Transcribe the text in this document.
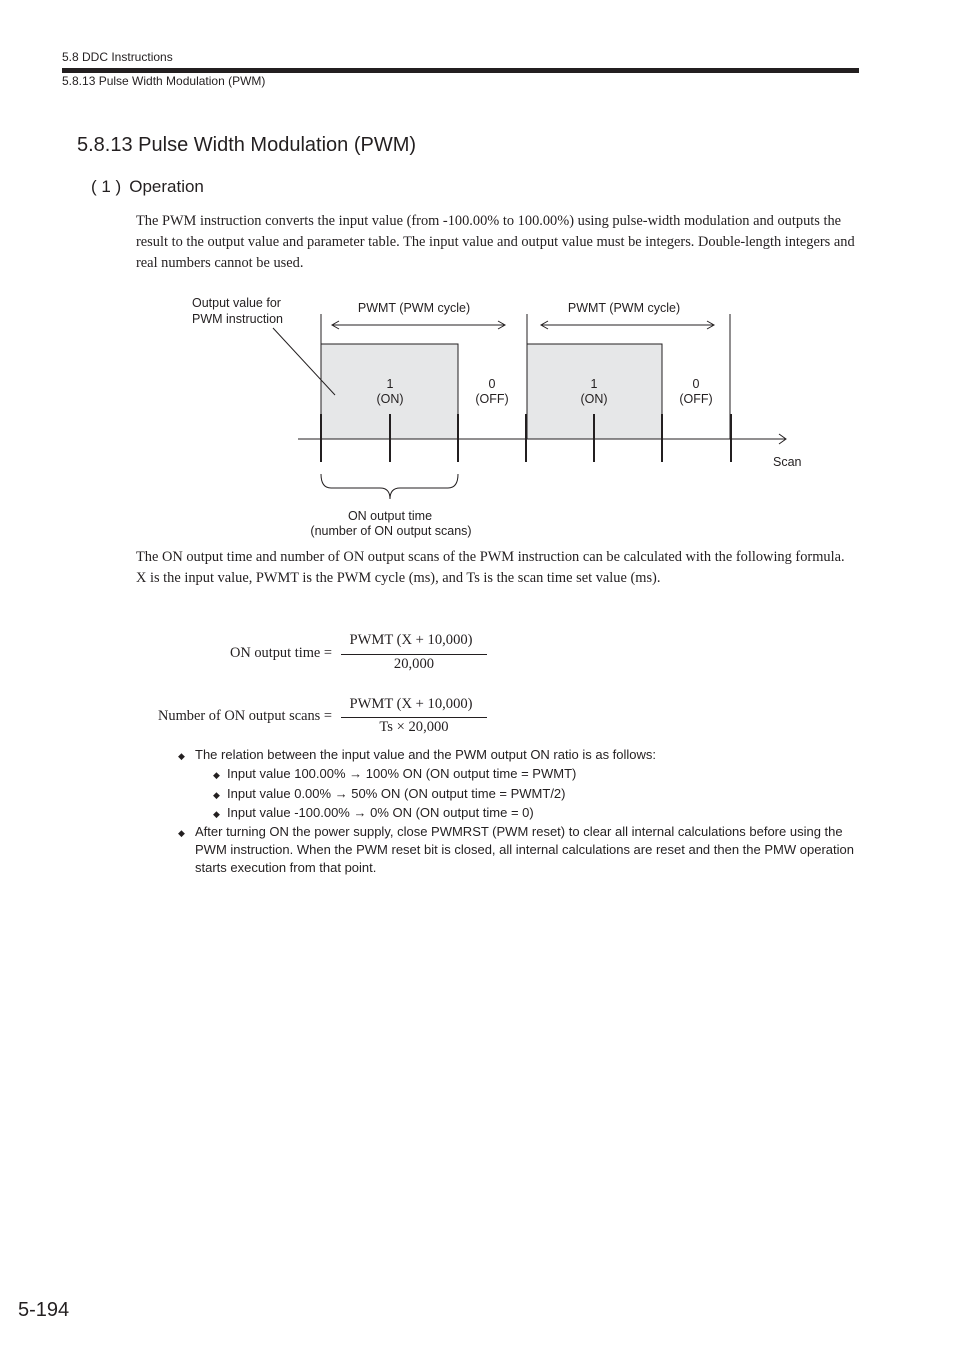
5.8 DDC Instructions
5.8.13 Pulse Width Modulation (PWM)
5.8.13 Pulse Width Modulation (PWM)
( 1 ) Operation
The PWM instruction converts the input value (from -100.00% to 100.00%) using pulse-width modulation and outputs the result to the output value and parameter table. The input value and output value must be integers. Double-length integers and real numbers cannot be used.
Output value for
PWM instruction
PWMT (PWM cycle)	PWMT (PWM cycle)
1
(ON)
0
(OFF)
1
(ON)
0
(OFF)
Scan
ON output time
(number of ON output scans)
The ON output time and number of ON output scans of the PWM instruction can be calculated with the following formula.
X is the input value, PWMT is the PWM cycle (ms), and Ts is the scan time set value (ms).
ON output time =
PWMT (X + 10,000)
20,000
Number of ON output scans =
PWMT (X + 10,000)
Ts × 20,000
◆ The relation between the input value and the PWM output ON ratio is as follows:
◆ Input value 100.00% → 100% ON (ON output time = PWMT)
◆ Input value 0.00% → 50% ON (ON output time = PWMT/2)
◆ Input value -100.00% → 0% ON (ON output time = 0)
◆ After turning ON the power supply, close PWMRST (PWM reset) to clear all internal calculations before using the PWM instruction. When the PWM reset bit is closed, all internal calculations are reset and then the PMW operation starts execution from that point.
5-194
